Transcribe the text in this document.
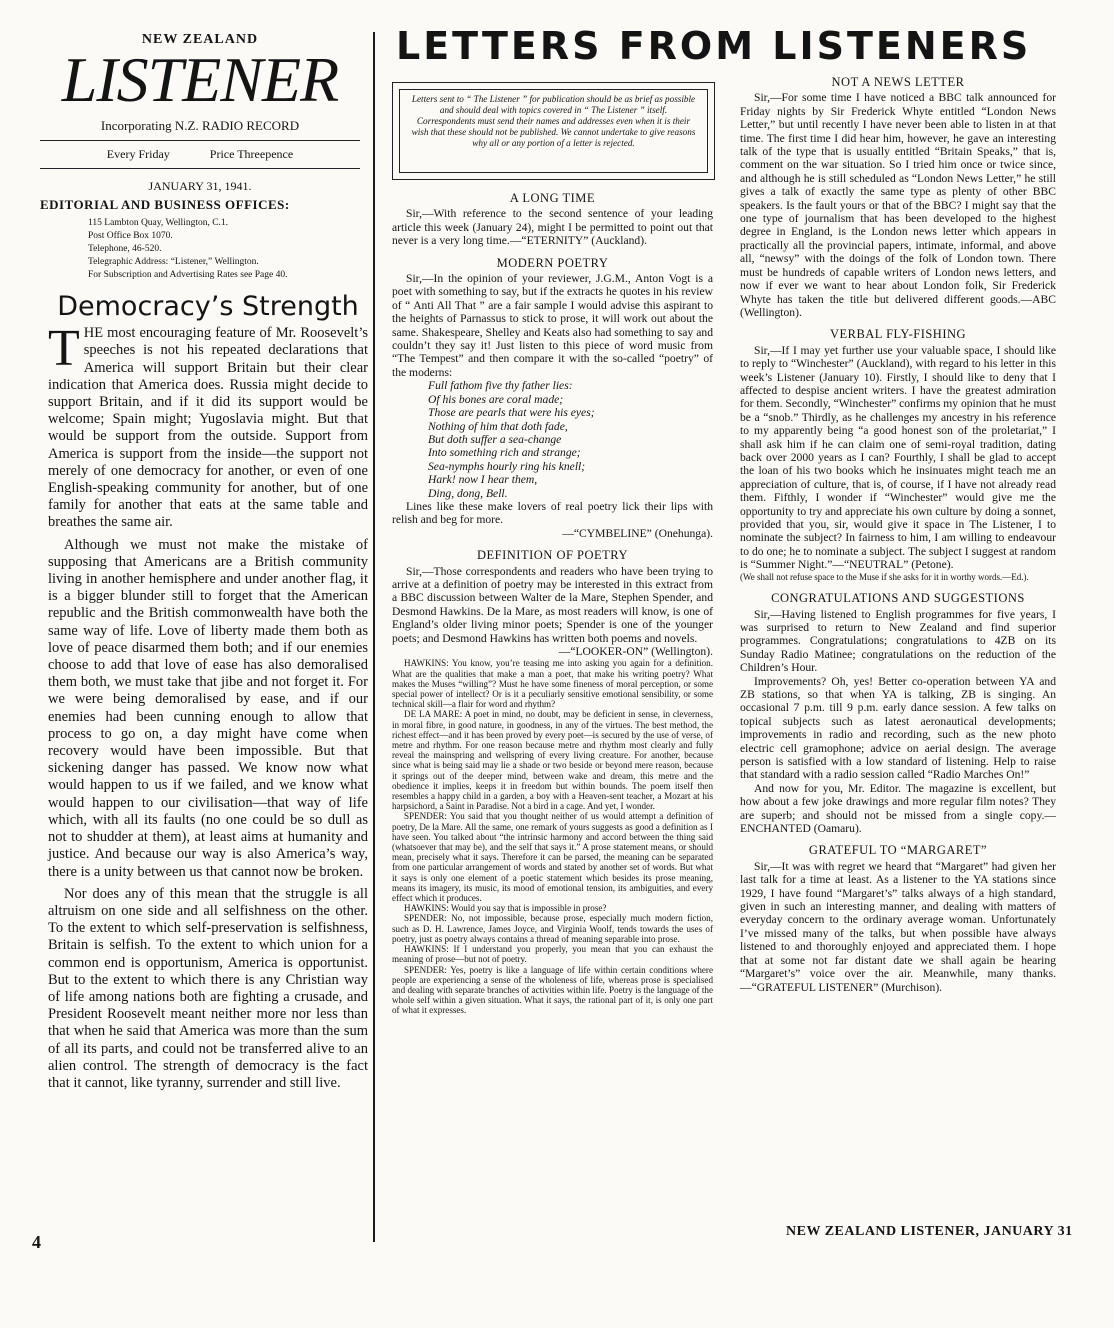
NEW ZEALAND
LISTENER
Incorporating N.Z. RADIO RECORD
Every Friday	Price Threepence
JANUARY 31, 1941.
EDITORIAL AND BUSINESS OFFICES:
115 Lambton Quay, Wellington, C.1.
Post Office Box 1070.
Telephone, 46-520.
Telegraphic Address: “Listener,” Wellington.
For Subscription and Advertising Rates see Page 40.
Democracy’s Strength

THE most encouraging feature of Mr. Roosevelt’s speeches is not his repeated declarations that America will support Britain but their clear indication that America does. Russia might decide to support Britain, and if it did its support would be welcome; Spain might; Yugoslavia might. But that would be support from the outside. Support from America is support from the inside—the support not merely of one democracy for another, or even of one English-speaking community for another, but of one family for another that eats at the same table and breathes the same air.

Although we must not make the mistake of supposing that Americans are a British community living in another hemisphere and under another flag, it is a bigger blunder still to forget that the American republic and the British commonwealth have both the same way of life. Love of liberty made them both as love of peace disarmed them both; and if our enemies choose to add that love of ease has also demoralised them both, we must take that jibe and not forget it. For we were being demoralised by ease, and if our enemies had been cunning enough to allow that process to go on, a day might have come when recovery would have been impossible. But that sickening danger has passed. We know now what would happen to us if we failed, and we know what would happen to our civilisation—that way of life which, with all its faults (no one could be so dull as not to shudder at them), at least aims at humanity and justice. And because our way is also America’s way, there is a unity between us that cannot now be broken.

Nor does any of this mean that the struggle is all altruism on one side and all selfishness on the other. To the extent to which self-preservation is selfishness, Britain is selfish. To the extent to which union for a common end is opportunism, America is opportunist. But to the extent to which there is any Christian way of life among nations both are fighting a crusade, and President Roosevelt meant neither more nor less than that when he said that America was more than the sum of all its parts, and could not be transferred alive to an alien control. The strength of democracy is the fact that it cannot, like tyranny, surrender and still live.

4
LETTERS FROM LISTENERS
Letters sent to “ The Listener ” for publication should be as brief as possible and should deal with topics covered in “ The Listener ” itself. Correspondents must send their names and addresses even when it is their wish that these should not be published. We cannot undertake to give reasons why all or any portion of a letter is rejected.
A LONG TIME

Sir,—With reference to the second sentence of your leading article this week (January 24), might I be permitted to point out that never is a very long time.—“ETERNITY” (Auckland).

MODERN POETRY

Sir,—In the opinion of your reviewer, J.G.M., Anton Vogt is a poet with something to say, but if the extracts he quotes in his review of “ Anti All That ” are a fair sample I would advise this aspirant to the heights of Parnassus to stick to prose, it will work out about the same. Shakespeare, Shelley and Keats also had something to say and couldn’t they say it! Just listen to this piece of word music from “The Tempest” and then compare it with the so-called “poetry” of the moderns:

Full fathom five thy father lies:
Of his bones are coral made;
Those are pearls that were his eyes;
Nothing of him that doth fade,
But doth suffer a sea-change
Into something rich and strange;
Sea-nymphs hourly ring his knell;
Hark! now I hear them,
Ding, dong, Bell.

Lines like these make lovers of real poetry lick their lips with relish and beg for more.

—“CYMBELINE” (Onehunga).

DEFINITION OF POETRY

Sir,—Those correspondents and readers who have been trying to arrive at a definition of poetry may be interested in this extract from a BBC discussion between Walter de la Mare, Stephen Spender, and Desmond Hawkins. De la Mare, as most readers will know, is one of England’s older living minor poets; Spender is one of the younger poets; and Desmond Hawkins has written both poems and novels.

—“LOOKER-ON” (Wellington).

HAWKINS: You know, you’re teasing me into asking you again for a definition. What are the qualities that make a man a poet, that make his writing poetry? What makes the Muses “willing”? Must he have some fineness of moral perception, or some special power of intellect? Or is it a peculiarly sensitive emotional sensibility, or some technical skill—a flair for word and rhythm?

DE LA MARE: A poet in mind, no doubt, may be deficient in sense, in cleverness, in moral fibre, in good nature, in goodness, in any of the virtues. The best method, the richest effect—and it has been proved by every poet—is secured by the use of verse, of metre and rhythm. For one reason because metre and rhythm most clearly and fully reveal the mainspring and wellspring of every living creature. For another, because since what is being said may lie a shade or two beside or beyond mere reason, because it springs out of the deeper mind, between wake and dream, this metre and the obedience it implies, keeps it in freedom but within bounds. The poem itself then resembles a happy child in a garden, a boy with a Heaven-sent teacher, a Mozart at his harpsichord, a Saint in Paradise. Not a bird in a cage. And yet, I wonder.

SPENDER: You said that you thought neither of us would attempt a definition of poetry, De la Mare. All the same, one remark of yours suggests as good a definition as I have seen. You talked about “the intrinsic harmony and accord between the thing said (whatsoever that may be), and the self that says it.” A prose statement means, or should mean, precisely what it says. Therefore it can be parsed, the meaning can be separated from one particular arrangement of words and stated by another set of words. But what it says is only one element of a poetic statement which besides its prose meaning, means its imagery, its music, its mood of emotional tension, its ambiguities, and every effect which it produces.

HAWKINS: Would you say that is impossible in prose?

SPENDER: No, not impossible, because prose, especially much modern fiction, such as D. H. Lawrence, James Joyce, and Virginia Woolf, tends towards the uses of poetry, just as poetry always contains a thread of meaning separable into prose.

HAWKINS: If I understand you properly, you mean that you can exhaust the meaning of prose—but not of poetry.

SPENDER: Yes, poetry is like a language of life within certain conditions where people are experiencing a sense of the wholeness of life, whereas prose is specialised and dealing with separate branches of activities within life. Poetry is the language of the whole self within a given situation. What it says, the rational part of it, is only one part of what it expresses.

NOT A NEWS LETTER

Sir,—For some time I have noticed a BBC talk announced for Friday nights by Sir Frederick Whyte entitled “London News Letter,” but until recently I have never been able to listen in at that time. The first time I did hear him, however, he gave an interesting talk of the type that is usually entitled “Britain Speaks,” that is, comment on the war situation. So I tried him once or twice since, and although he is still scheduled as “London News Letter,” he still gives a talk of exactly the same type as plenty of other BBC speakers. Is the fault yours or that of the BBC? I might say that the one type of journalism that has been developed to the highest degree in England, is the London news letter which appears in practically all the provincial papers, intimate, informal, and above all, “newsy” with the doings of the folk of London town. There must be hundreds of capable writers of London news letters, and now if ever we want to hear about London folk, Sir Frederick Whyte has taken the title but delivered different goods.—ABC (Wellington).

VERBAL FLY-FISHING

Sir,—If I may yet further use your valuable space, I should like to reply to “Winchester” (Auckland), with regard to his letter in this week’s Listener (January 10). Firstly, I should like to deny that I affected to despise ancient writers. I have the greatest admiration for them. Secondly, “Winchester” confirms my opinion that he must be a “snob.” Thirdly, as he challenges my ancestry in his reference to my apparently being “a good honest son of the proletariat,” I shall ask him if he can claim one of semi-royal tradition, dating back over 2000 years as I can? Fourthly, I shall be glad to accept the loan of his two books which he insinuates might teach me an appreciation of culture, that is, of course, if I have not already read them. Fifthly, I wonder if “Winchester” would give me the opportunity to try and appreciate his own culture by doing a sonnet, provided that you, sir, would give it space in The Listener, I to nominate the subject? In fairness to him, I am willing to endeavour to do one; he to nominate a subject. The subject I suggest at random is “Summer Night.”—“NEUTRAL” (Petone).

(We shall not refuse space to the Muse if she asks for it in worthy words.—Ed.).

CONGRATULATIONS AND SUGGESTIONS

Sir,—Having listened to English programmes for five years, I was surprised to return to New Zealand and find superior programmes. Congratulations; congratulations to 4ZB on its Sunday Radio Matinee; congratulations on the reduction of the Children’s Hour.

Improvements? Oh, yes! Better co-operation between YA and ZB stations, so that when YA is talking, ZB is singing. An occasional 7 p.m. till 9 p.m. early dance session. A few talks on topical subjects such as latest aeronautical developments; improvements in radio and recording, such as the new photo electric cell gramophone; advice on aerial design. The average person is satisfied with a low standard of listening. Help to raise that standard with a radio session called “Radio Marches On!”

And now for you, Mr. Editor. The magazine is excellent, but how about a few joke drawings and more regular film notes? They are superb; and should not be missed from a single copy.—ENCHANTED (Oamaru).

GRATEFUL TO “MARGARET”

Sir,—It was with regret we heard that “Margaret” had given her last talk for a time at least. As a listener to the YA stations since 1929, I have found “Margaret’s” talks always of a high standard, given in such an interesting manner, and dealing with matters of everyday concern to the ordinary average woman. Unfortunately I’ve missed many of the talks, but when possible have always listened to and thoroughly enjoyed and appreciated them. I hope that at some not far distant date we shall again be hearing “Margaret’s” voice over the air. Meanwhile, many thanks.—“GRATEFUL LISTENER” (Murchison).

NEW ZEALAND LISTENER, JANUARY 31
